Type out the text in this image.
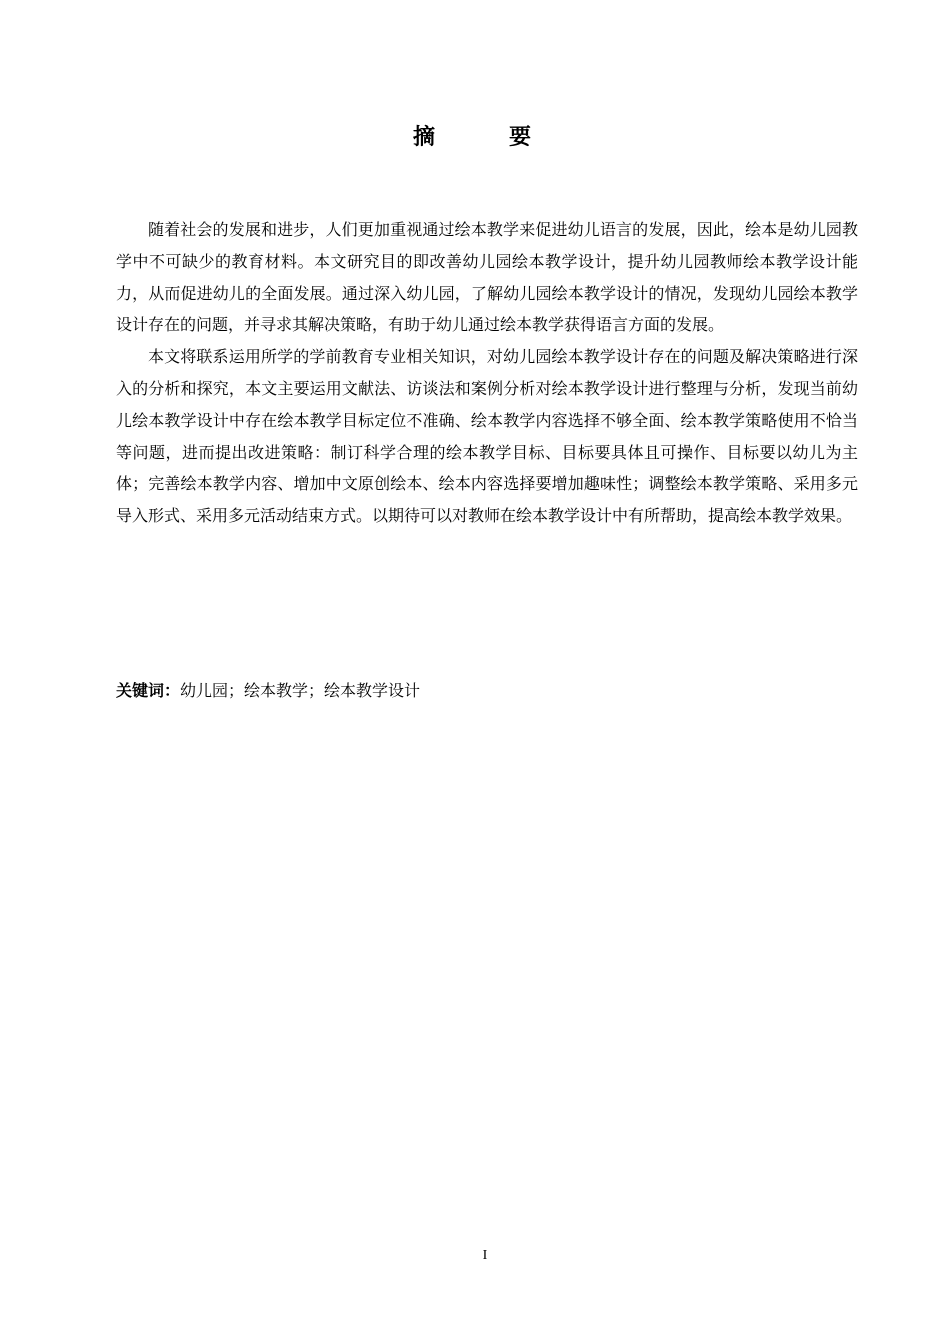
摘　要

随着社会的发展和进步，人们更加重视通过绘本教学来促进幼儿语言的发展，因此，绘本是幼儿园教学中不可缺少的教育材料。本文研究目的即改善幼儿园绘本教学设计，提升幼儿园教师绘本教学设计能力，从而促进幼儿的全面发展。通过深入幼儿园，了解幼儿园绘本教学设计的情况，发现幼儿园绘本教学设计存在的问题，并寻求其解决策略，有助于幼儿通过绘本教学获得语言方面的发展。

本文将联系运用所学的学前教育专业相关知识，对幼儿园绘本教学设计存在的问题及解决策略进行深入的分析和探究，本文主要运用文献法、访谈法和案例分析对绘本教学设计进行整理与分析，发现当前幼儿绘本教学设计中存在绘本教学目标定位不准确、绘本教学内容选择不够全面、绘本教学策略使用不恰当等问题，进而提出改进策略：制订科学合理的绘本教学目标、目标要具体且可操作、目标要以幼儿为主体；完善绘本教学内容、增加中文原创绘本、绘本内容选择要增加趣味性；调整绘本教学策略、采用多元导入形式、采用多元活动结束方式。以期待可以对教师在绘本教学设计中有所帮助，提高绘本教学效果。

关键词：幼儿园；绘本教学；绘本教学设计
I
